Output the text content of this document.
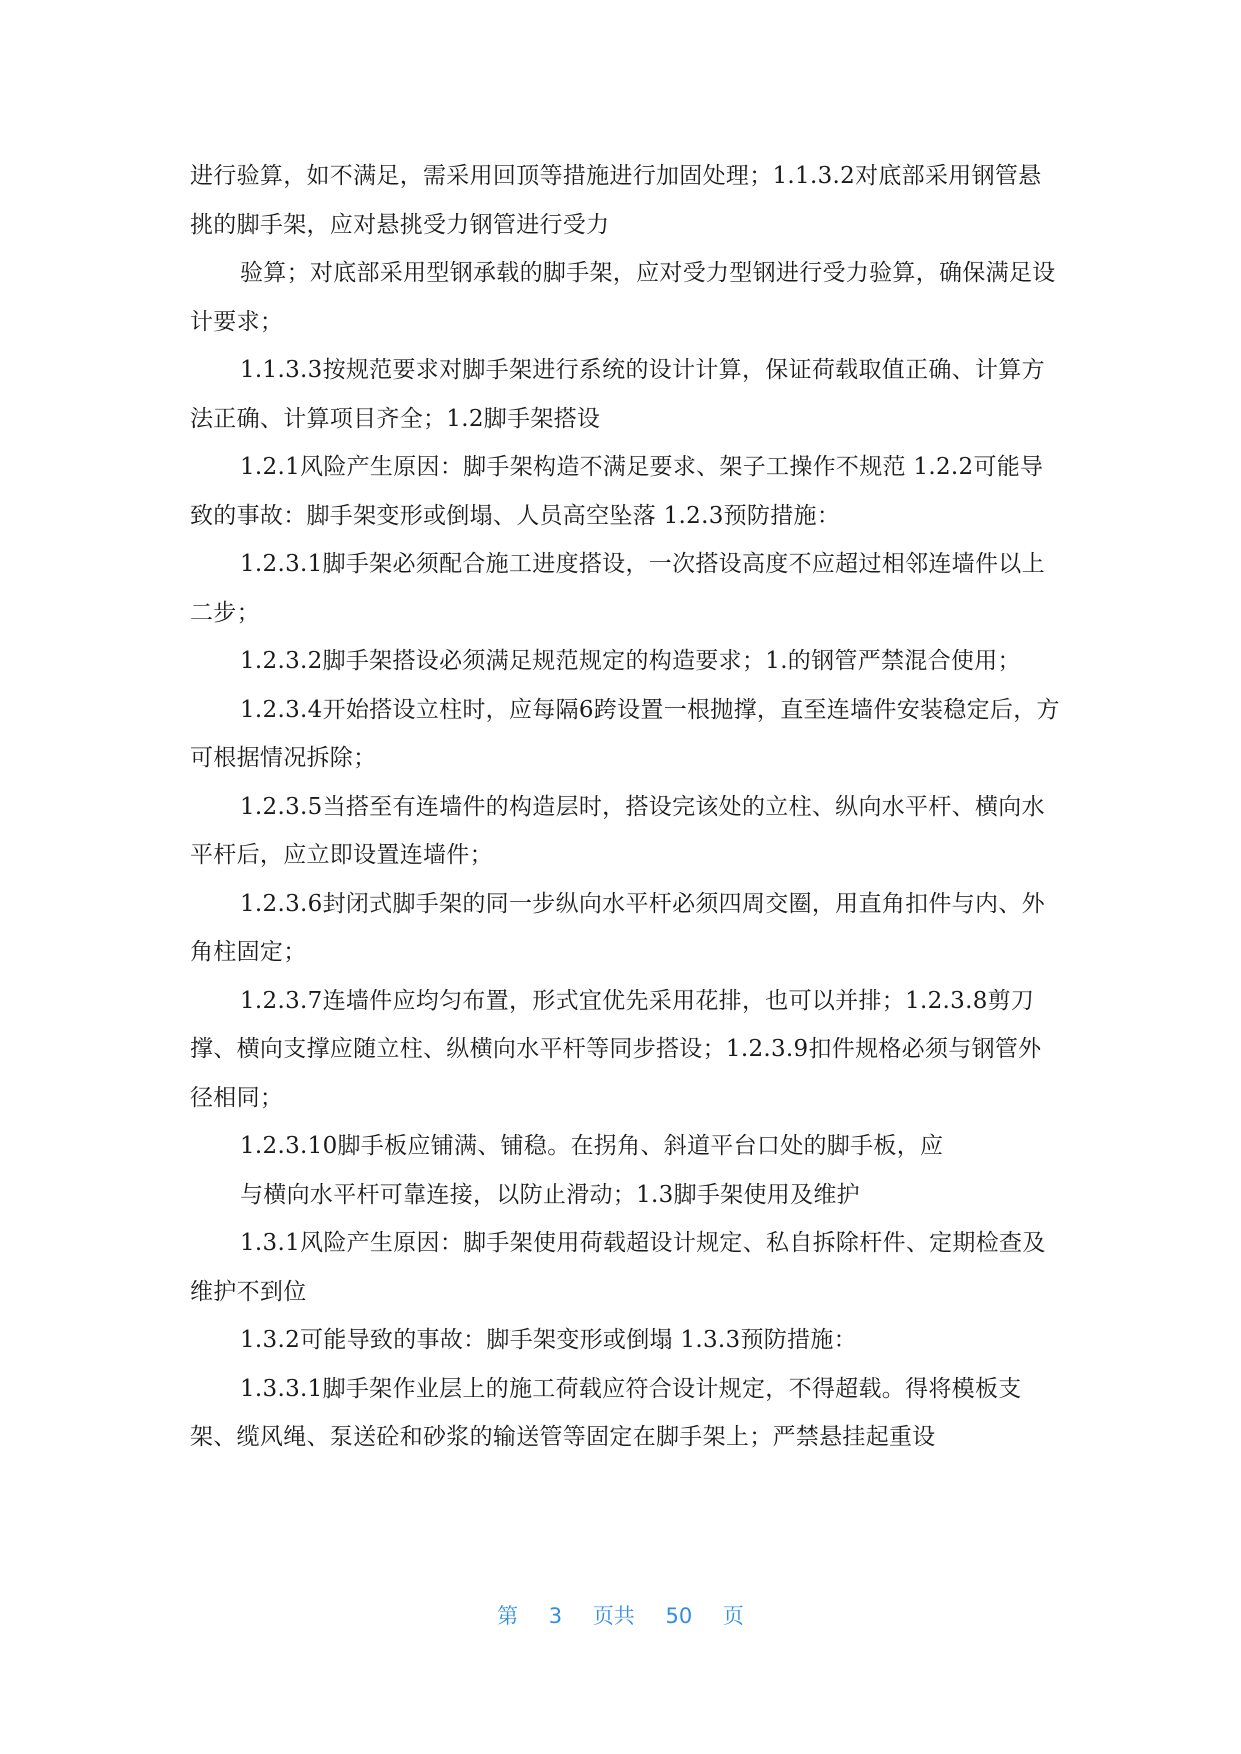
进行验算，如不满足，需采用回顶等措施进行加固处理；1.1.3.2对底部采用钢管悬挑的脚手架，应对悬挑受力钢管进行受力

验算；对底部采用型钢承载的脚手架，应对受力型钢进行受力验算，确保满足设计要求；

1.1.3.3按规范要求对脚手架进行系统的设计计算，保证荷载取值正确、计算方法正确、计算项目齐全；1.2脚手架搭设

1.2.1风险产生原因：脚手架构造不满足要求、架子工操作不规范 1.2.2可能导致的事故：脚手架变形或倒塌、人员高空坠落 1.2.3预防措施：

1.2.3.1脚手架必须配合施工进度搭设，一次搭设高度不应超过相邻连墙件以上二步；

1.2.3.2脚手架搭设必须满足规范规定的构造要求；1.的钢管严禁混合使用；

1.2.3.4开始搭设立柱时，应每隔6跨设置一根抛撑，直至连墙件安装稳定后，方可根据情况拆除；

1.2.3.5当搭至有连墙件的构造层时，搭设完该处的立柱、纵向水平杆、横向水平杆后，应立即设置连墙件；

1.2.3.6封闭式脚手架的同一步纵向水平杆必须四周交圈，用直角扣件与内、外角柱固定；

1.2.3.7连墙件应均匀布置，形式宜优先采用花排，也可以并排；1.2.3.8剪刀撑、横向支撑应随立柱、纵横向水平杆等同步搭设；1.2.3.9扣件规格必须与钢管外径相同；

1.2.3.10脚手板应铺满、铺稳。在拐角、斜道平台口处的脚手板，应

与横向水平杆可靠连接，以防止滑动；1.3脚手架使用及维护

1.3.1风险产生原因：脚手架使用荷载超设计规定、私自拆除杆件、定期检查及维护不到位

1.3.2可能导致的事故：脚手架变形或倒塌 1.3.3预防措施：

1.3.3.1脚手架作业层上的施工荷载应符合设计规定，不得超载。得将模板支架、缆风绳、泵送砼和砂浆的输送管等固定在脚手架上；严禁悬挂起重设

第 3 页共 50 页
